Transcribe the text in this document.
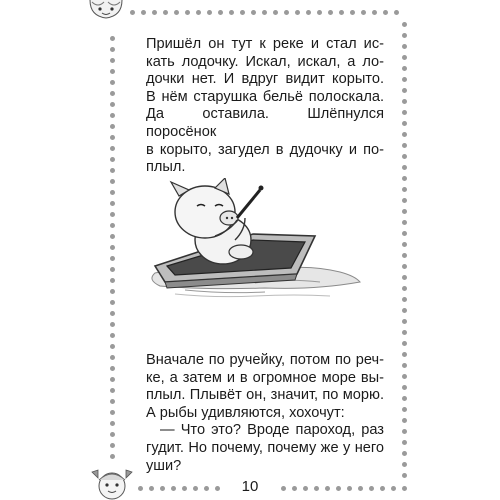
Пришёл он тут к реке и стал ис-
кать лодочку. Искал, искал, а ло-
дочки нет. И вдруг видит корыто.
В нём старушка бельё полоскала.
Да оставила. Шлёпнулся поросёнок
в корыто, загудел в дудочку и по-
плыл.

Вначале по ручейку, потом по реч-
ке, а затем и в огромное море вы-
плыл. Плывёт он, значит, по морю.
А рыбы удивляются, хохочут:
— Что это? Вроде пароход, раз
гудит. Но почему, почему же у него
уши?

10
